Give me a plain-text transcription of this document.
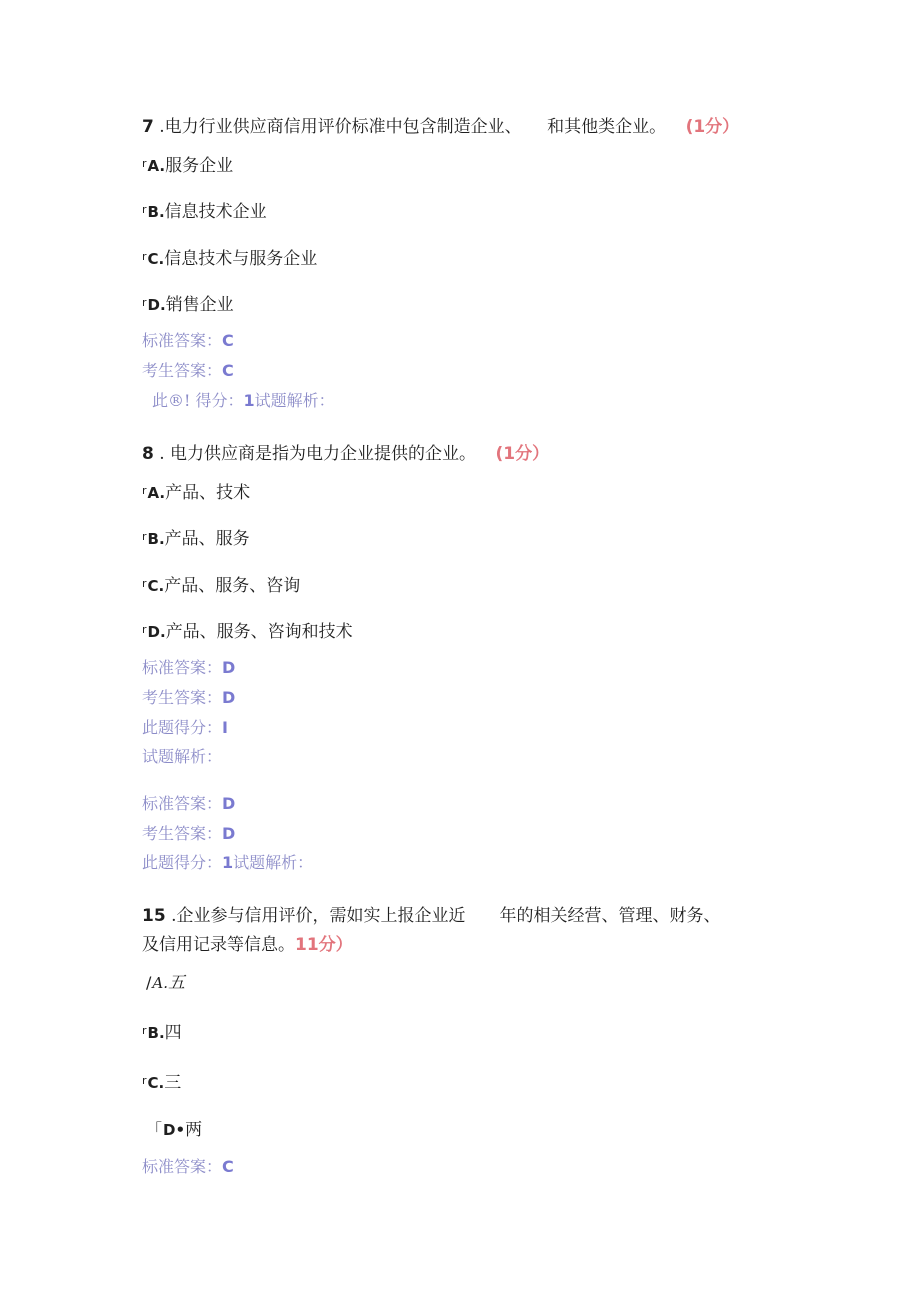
7 .电力行业供应商信用评价标准中包含制造企业、　　和其他类企业。 (1分）
$^r$A.服务企业
$^r$B.信息技术企业
$^r$C.信息技术与服务企业
$^r$D.销售企业
标准答案：C
考生答案：C
此®! 得分：1试题解析：
8 . 电力供应商是指为电力企业提供的企业。 (1分）
$^r$A.产品、技术
$^r$B.产品、服务
$^r$C.产品、服务、咨询
$^r$D.产品、服务、咨询和技术
标准答案：D
考生答案：D
此题得分：I
试题解析：
标准答案：D
考生答案：D
此题得分：1试题解析：
15 .企业参与信用评价，需如实上报企业近　　年的相关经营、管理、财务、
及信用记录等信息。11分）
/A.五
$^r$B.四
$^r$C.三
「D•两
标准答案：C
